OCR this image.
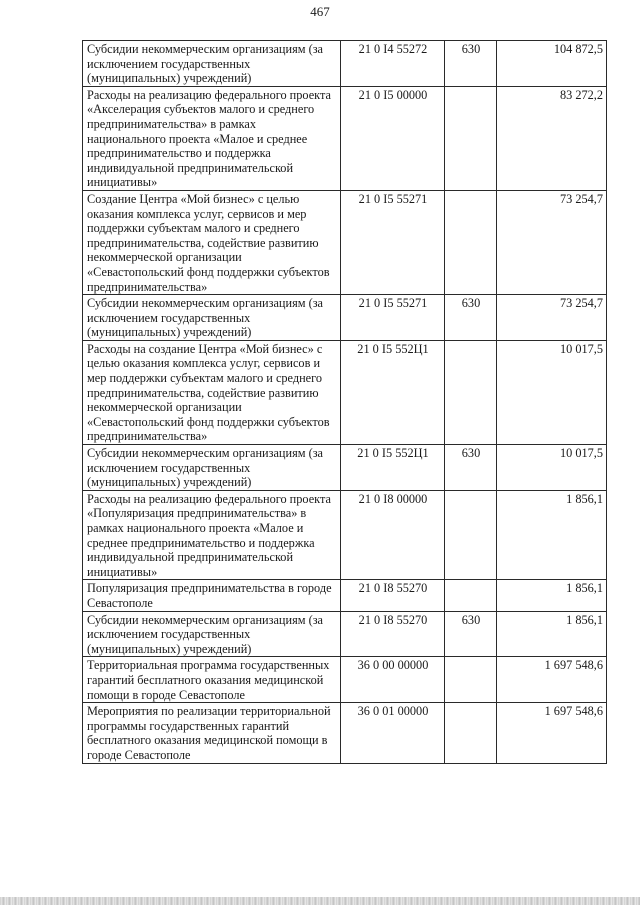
467
Субсидии некоммерческим организациям (за исключением государственных (муниципальных) учреждений)	21 0 I4 55272	630	104 872,5
Расходы на реализацию федерального проекта «Акселерация субъектов малого и среднего предпринимательства» в рамках национального проекта «Малое и среднее предпринимательство и поддержка индивидуальной предпринимательской инициативы»	21 0 I5 00000		83 272,2
Создание Центра «Мой бизнес» с целью оказания комплекса услуг, сервисов и мер поддержки субъектам малого и среднего предпринимательства, содействие развитию некоммерческой организации «Севастопольский фонд поддержки субъектов предпринимательства»	21 0 I5 55271		73 254,7
Субсидии некоммерческим организациям (за исключением государственных (муниципальных) учреждений)	21 0 I5 55271	630	73 254,7
Расходы на создание Центра «Мой бизнес» с целью оказания комплекса услуг, сервисов и мер поддержки субъектам малого и среднего предпринимательства, содействие развитию некоммерческой организации «Севастопольский фонд поддержки субъектов предпринимательства»	21 0 I5 552Ц1		10 017,5
Субсидии некоммерческим организациям (за исключением государственных (муниципальных) учреждений)	21 0 I5 552Ц1	630	10 017,5
Расходы на реализацию федерального проекта «Популяризация предпринимательства» в рамках национального проекта «Малое и среднее предпринимательство и поддержка индивидуальной предпринимательской инициативы»	21 0 I8 00000		1 856,1
Популяризация предпринимательства в городе Севастополе	21 0 I8 55270		1 856,1
Субсидии некоммерческим организациям (за исключением государственных (муниципальных) учреждений)	21 0 I8 55270	630	1 856,1
Территориальная программа государственных гарантий бесплатного оказания медицинской помощи в городе Севастополе	36 0 00 00000		1 697 548,6
Мероприятия по реализации территориальной программы государственных гарантий бесплатного оказания медицинской помощи в городе Севастополе	36 0 01 00000		1 697 548,6
